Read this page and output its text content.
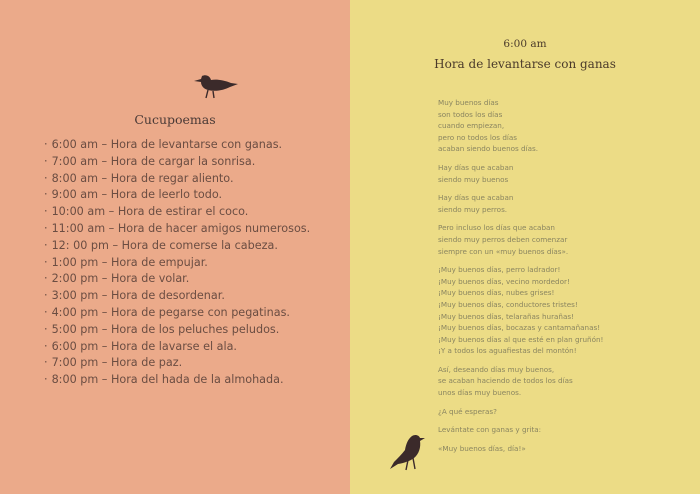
Cucupoemas
· 6:00 am – Hora de levantarse con ganas.
· 7:00 am – Hora de cargar la sonrisa.
· 8:00 am – Hora de regar aliento.
· 9:00 am – Hora de leerlo todo.
· 10:00 am – Hora de estirar el coco.
· 11:00 am – Hora de hacer amigos numerosos.
· 12: 00 pm – Hora de comerse la cabeza.
· 1:00 pm – Hora de empujar.
· 2:00 pm – Hora de volar.
· 3:00 pm – Hora de desordenar.
· 4:00 pm – Hora de pegarse con pegatinas.
· 5:00 pm – Hora de los peluches peludos.
· 6:00 pm – Hora de lavarse el ala.
· 7:00 pm – Hora de paz.
· 8:00 pm – Hora del hada de la almohada.
6:00 am
Hora de levantarse con ganas
Muy buenos días
son todos los días
cuando empiezan,
pero no todos los días
acaban siendo buenos días.
Hay días que acaban
siendo muy buenos
Hay días que acaban
siendo muy perros.
Pero incluso los días que acaban
siendo muy perros deben comenzar
siempre con un «muy buenos días».
¡Muy buenos días, perro ladrador!
¡Muy buenos días, vecino mordedor!
¡Muy buenos días, nubes grises!
¡Muy buenos días, conductores tristes!
¡Muy buenos días, telarañas hurañas!
¡Muy buenos días, bocazas y cantamañanas!
¡Muy buenos días al que esté en plan gruñón!
¡Y a todos los aguafiestas del montón!
Así, deseando días muy buenos,
se acaban haciendo de todos los días
unos días muy buenos.
¿A qué esperas?
Levántate con ganas y grita:
«Muy buenos días, día!»
